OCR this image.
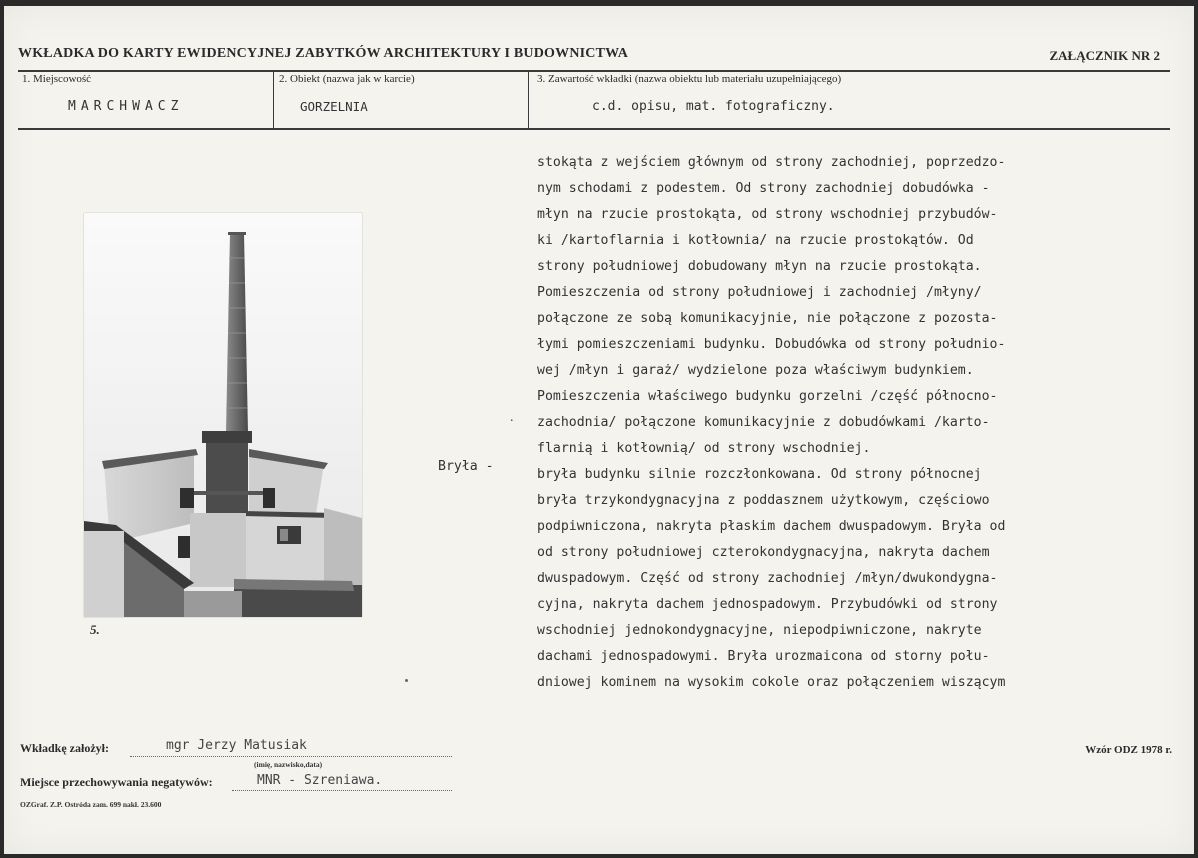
WKŁADKA DO KARTY EWIDENCYJNEJ ZABYTKÓW ARCHITEKTURY I BUDOWNICTWA	ZAŁĄCZNIK NR 2
1. Miejscowość
MARCHWACZ
2. Obiekt (nazwa jak w karcie)
GORZELNIA
3. Zawartość wkładki (nazwa obiektu lub materiału uzupełniającego)
c.d. opisu, mat. fotograficzny.
5.
Bryła -
.
stokąta z wejściem głównym od strony zachodniej, poprzedzo-
nym schodami z podestem. Od strony zachodniej dobudówka -
młyn na rzucie prostokąta, od strony wschodniej przybudów-
ki /kartoflarnia i kotłownia/ na rzucie prostokątów. Od
strony południowej dobudowany młyn na rzucie prostokąta.
Pomieszczenia od strony południowej i zachodniej /młyny/
połączone ze sobą komunikacyjnie, nie połączone z pozosta-
łymi pomieszczeniami budynku. Dobudówka od strony południo-
wej /młyn i garaż/ wydzielone poza właściwym budynkiem.
Pomieszczenia właściwego budynku gorzelni /część północno-
zachodnia/ połączone komunikacyjnie z dobudówkami /karto-
flarnią i kotłownią/ od strony wschodniej.
bryła budynku silnie rozczłonkowana. Od strony północnej
bryła trzykondygnacyjna z poddasznem użytkowym, częściowo
podpiwniczona, nakryta płaskim dachem dwuspadowym. Bryła od
od strony południowej czterokondygnacyjna, nakryta dachem
dwuspadowym. Część od strony zachodniej /młyn/dwukondygna-
cyjna, nakryta dachem jednospadowym. Przybudówki od strony
wschodniej jednokondygnacyjne, niepodpiwniczone, nakryte
dachami jednospadowymi. Bryła urozmaicona od storny połu-
dniowej kominem na wysokim cokole oraz połączeniem wiszącym
Wkładkę założył:	mgr Jerzy Matusiak
(imię, nazwisko,data)
Miejsce przechowywania negatywów:	MNR - Szreniawa.
OZGraf. Z.P. Ostróda zam. 699 nakł. 23.600
Wzór ODZ 1978 r.
